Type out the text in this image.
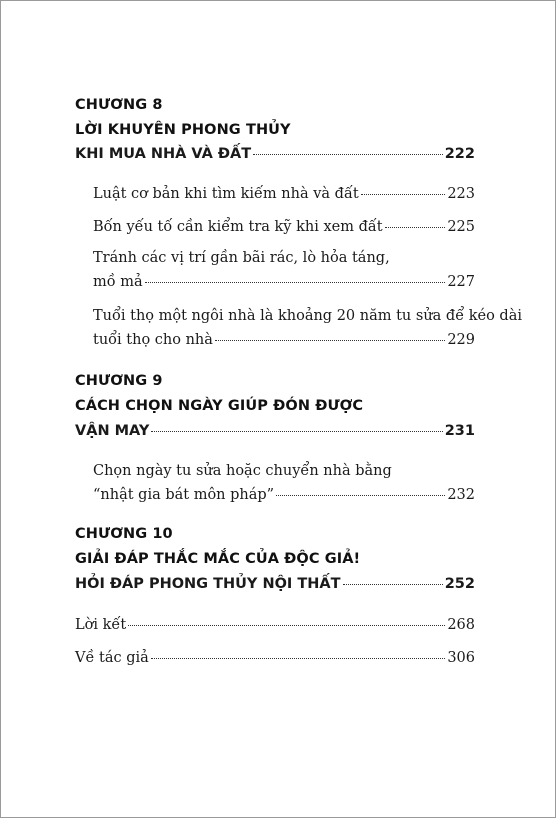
CHƯƠNG 8
LỜI KHUYÊN PHONG THỦY
KHI MUA NHÀ VÀ ĐẤT	222
Luật cơ bản khi tìm kiếm nhà và đất	223
Bốn yếu tố cần kiểm tra kỹ khi xem đất	225
Tránh các vị trí gần bãi rác, lò hỏa táng,
mồ mả	227
Tuổi thọ một ngôi nhà là khoảng 20 năm tu sửa để kéo dài
tuổi thọ cho nhà	229
CHƯƠNG 9
CÁCH CHỌN NGÀY GIÚP ĐÓN ĐƯỢC
VẬN MAY	231
Chọn ngày tu sửa hoặc chuyển nhà bằng
“nhật gia bát môn pháp”	232
CHƯƠNG 10
GIẢI ĐÁP THẮC MẮC CỦA ĐỘC GIẢ!
HỎI ĐÁP PHONG THỦY NỘI THẤT	252
Lời kết	268
Về tác giả	306
